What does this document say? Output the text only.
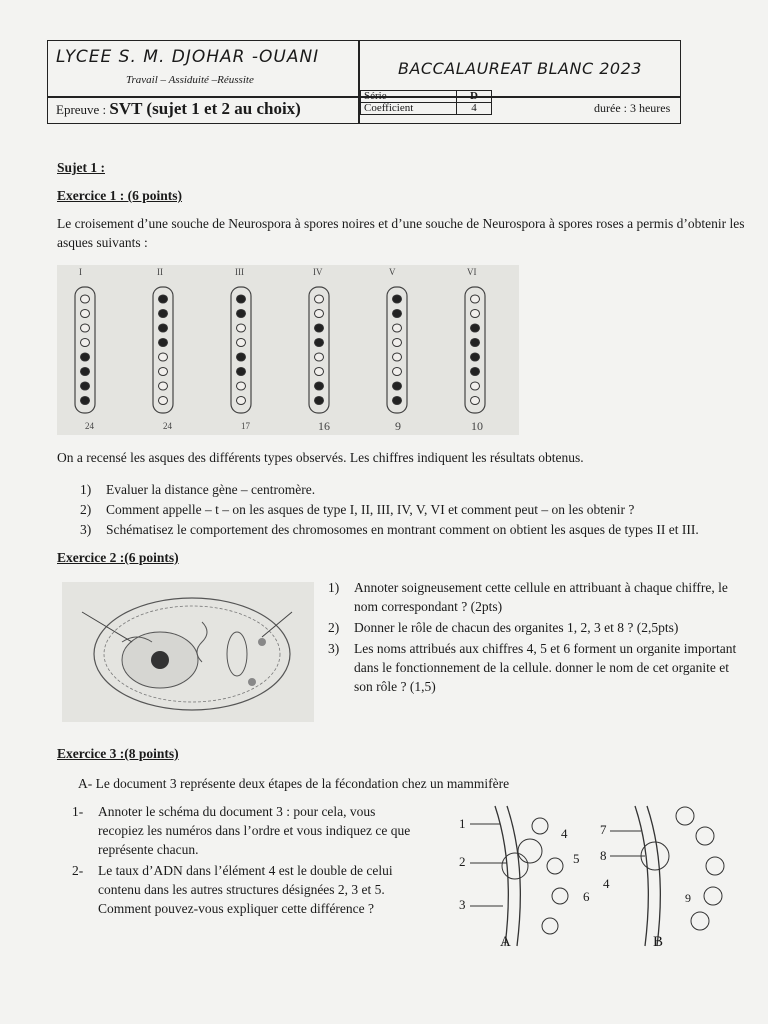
LYCEE S. M. DJOHAR -OUANI
Travail – Assiduité –Réussite
BACCALAUREAT BLANC 2023
Epreuve : SVT (sujet 1 et 2 au choix)
Série	D
Coefficient	4	durée : 3 heures
Sujet 1 :
Exercice 1 : (6 points)
Le croisement d’une souche de Neurospora à spores noires et d’une souche de Neurospora à spores roses a permis d’obtenir les asques suivants :
I	II	III	IV	V	VI
24	24	17	16	9	10
On a recensé les asques des différents types observés. Les chiffres indiquent les résultats obtenus.
1)	Evaluer la distance gène – centromère.
2)	Comment appelle – t – on les asques de type I, II, III, IV, V, VI et comment peut – on les obtenir ?
3)	Schématisez le comportement des chromosomes en montrant comment on obtient les asques de types II et III.
Exercice 2 :(6 points)
1)	Annoter soigneusement cette cellule en attribuant à chaque chiffre, le nom correspondant ? (2pts)
2)	Donner le rôle de chacun des organites 1, 2, 3 et 8 ? (2,5pts)
3)	Les noms attribués aux chiffres 4, 5 et 6 forment un organite important dans le fonctionnement de la cellule. donner le nom de cet organite et son rôle ? (1,5)
Exercice 3 :(8 points)
A- Le document 3 représente deux étapes de la fécondation chez un mammifère
1-	Annoter le schéma du document 3 : pour cela, vous recopiez les numéros dans l’ordre et vous indiquez ce que représente chacun.
2-	Le taux d’ADN dans l’élément 4 est le double de celui contenu dans les autres structures désignées 2, 3 et 5. Comment pouvez-vous expliquer cette différence ?
1
2
3
4
5
6
7
8
4
9
A	B
